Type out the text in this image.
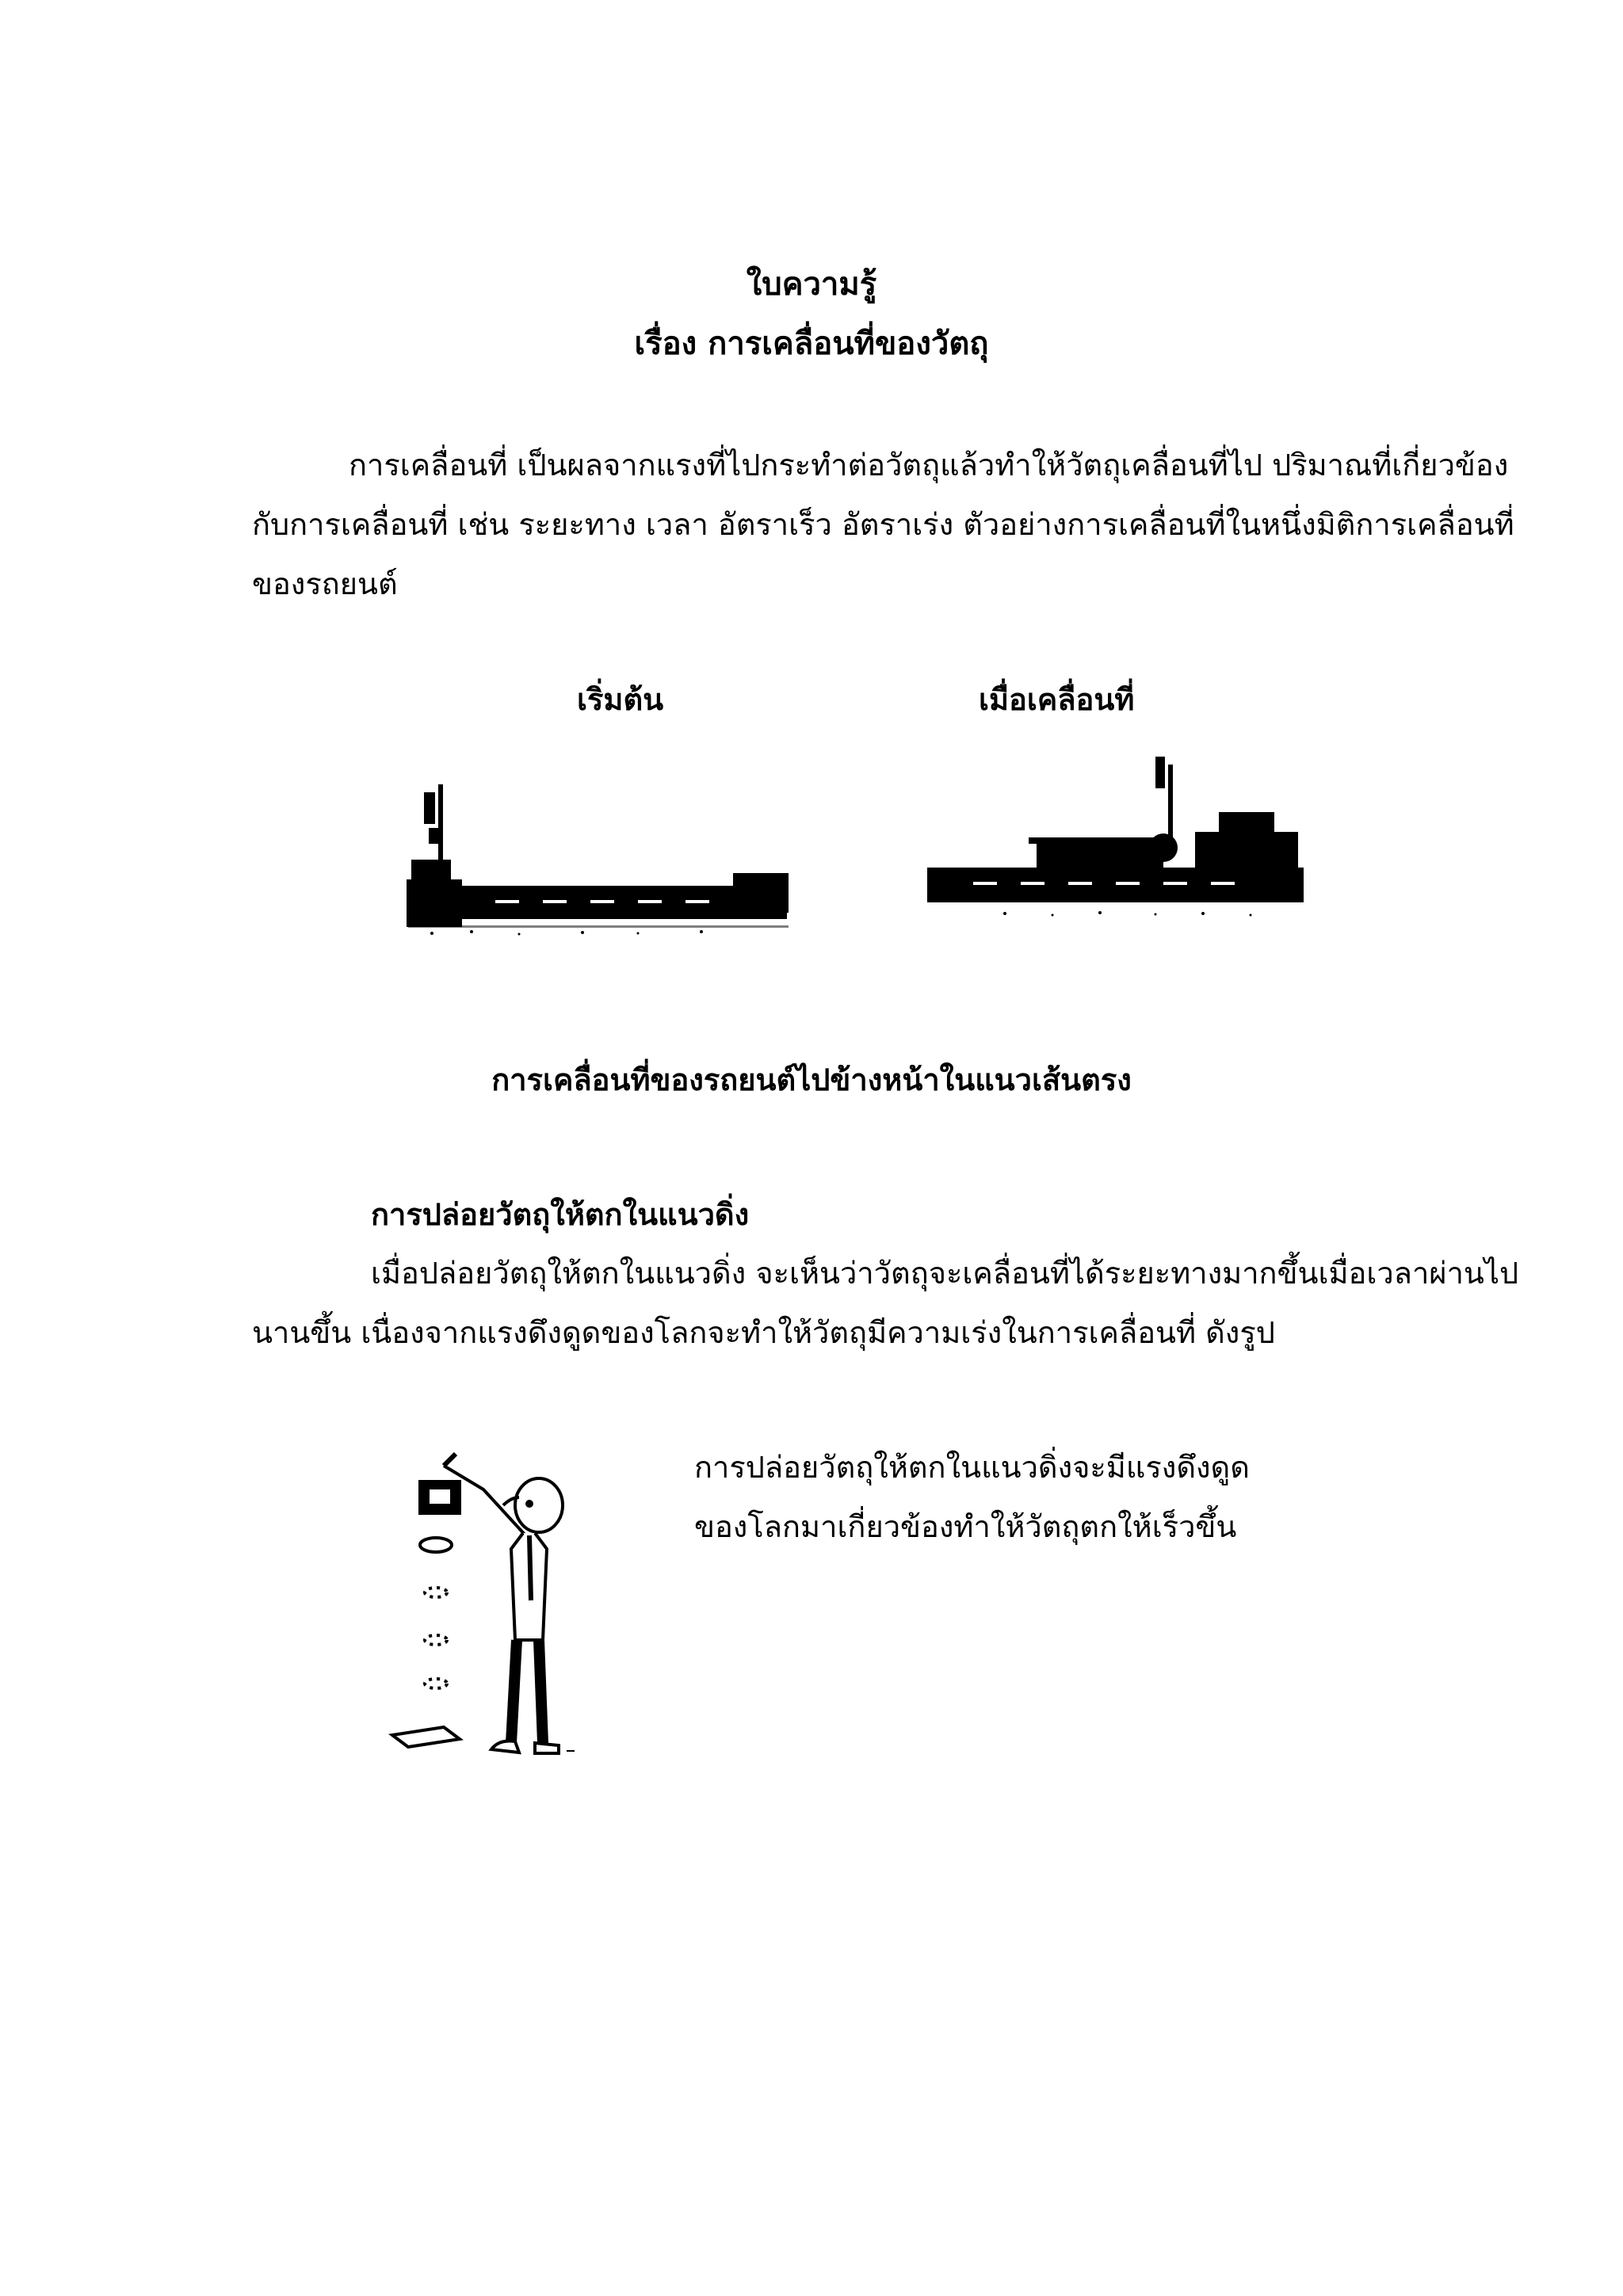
ใบความรู้
เรื่อง การเคลื่อนที่ของวัตถุ
การเคลื่อนที่ เป็นผลจากแรงที่ไปกระทำต่อวัตถุแล้วทำให้วัตถุเคลื่อนที่ไป ปริมาณที่เกี่ยวข้อง
กับการเคลื่อนที่ เช่น ระยะทาง เวลา อัตราเร็ว อัตราเร่ง ตัวอย่างการเคลื่อนที่ในหนึ่งมิติการเคลื่อนที่
ของรถยนต์
เริ่มต้น	เมื่อเคลื่อนที่
การเคลื่อนที่ของรถยนต์ไปข้างหน้าในแนวเส้นตรง
การปล่อยวัตถุให้ตกในแนวดิ่ง
เมื่อปล่อยวัตถุให้ตกในแนวดิ่ง จะเห็นว่าวัตถุจะเคลื่อนที่ได้ระยะทางมากขึ้นเมื่อเวลาผ่านไป
นานขึ้น เนื่องจากแรงดึงดูดของโลกจะทำให้วัตถุมีความเร่งในการเคลื่อนที่ ดังรูป
การปล่อยวัตถุให้ตกในแนวดิ่งจะมีแรงดึงดูด
ของโลกมาเกี่ยวข้องทำให้วัตถุตกให้เร็วขึ้น
